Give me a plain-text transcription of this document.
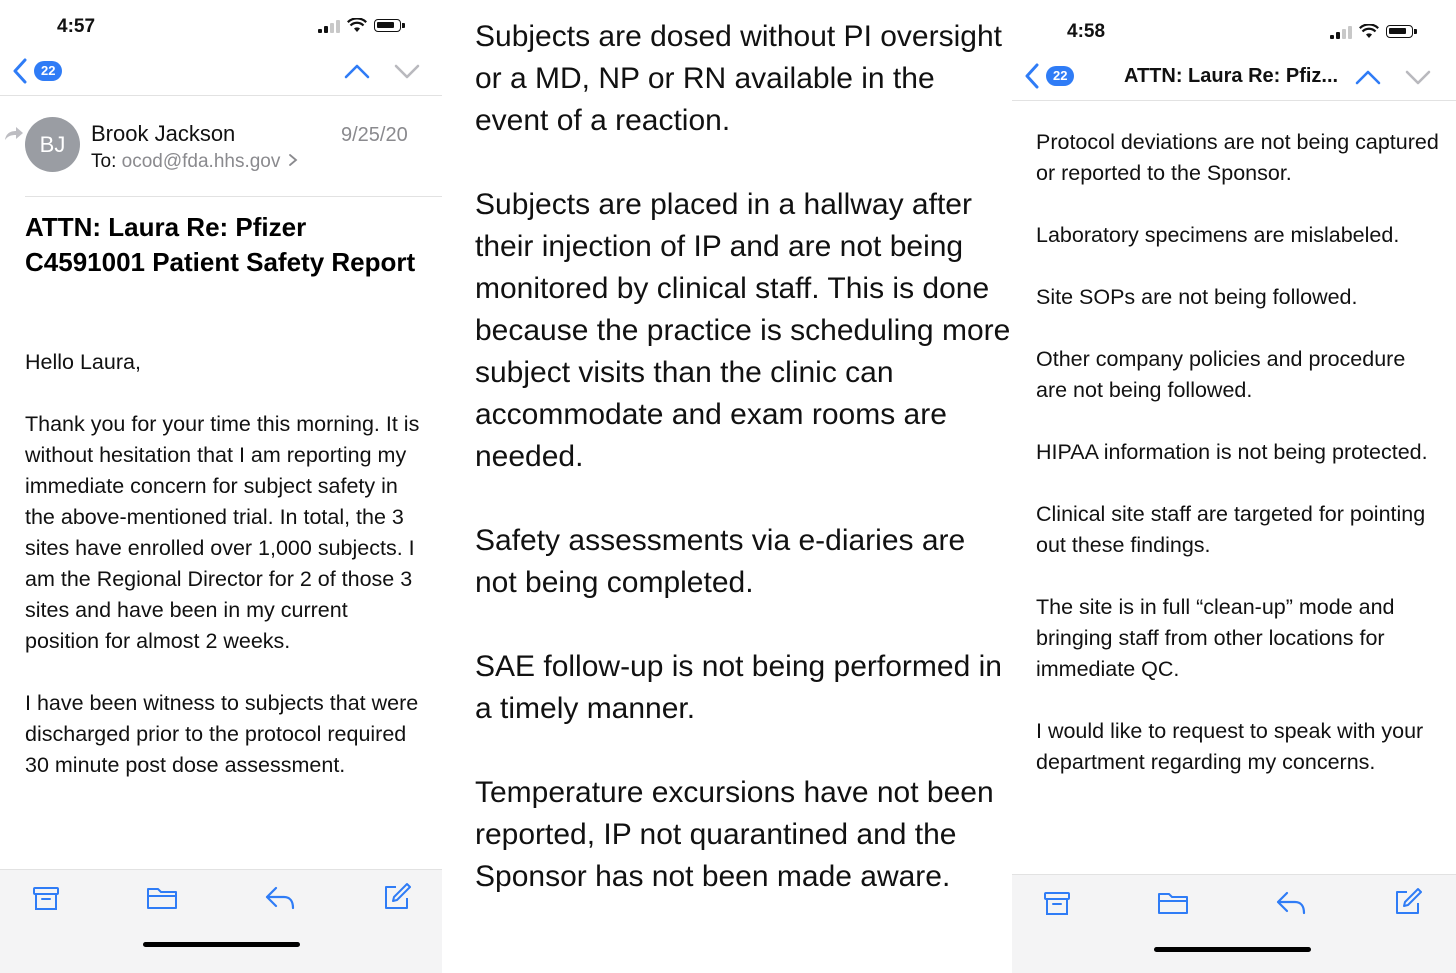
4:57
22
BJ	Brook Jackson
To: ocod@fda.hhs.gov
9/25/20
ATTN: Laura Re: Pfizer C4591001 Patient Safety Report

Hello Laura,

Thank you for your time this morning. It is without hesitation that I am reporting my immediate concern for subject safety in the above-mentioned trial. In total, the 3 sites have enrolled over 1,000 subjects. I am the Regional Director for 2 of those 3 sites and have been in my current position for almost 2 weeks.

I have been witness to subjects that were discharged prior to the protocol required 30 minute post dose assessment.

Subjects are dosed without PI oversight or a MD, NP or RN available in the event of a reaction.

Subjects are placed in a hallway after their injection of IP and are not being monitored by clinical staff. This is done because the practice is scheduling more subject visits than the clinic can accommodate and exam rooms are needed.

Safety assessments via e-diaries are not being completed.

SAE follow-up is not being performed in a timely manner.

Temperature excursions have not been reported, IP not quarantined and the Sponsor has not been made aware.

4:58
22	ATTN: Laura Re: Pfiz...

Protocol deviations are not being captured or reported to the Sponsor.

Laboratory specimens are mislabeled.

Site SOPs are not being followed.

Other company policies and procedure are not being followed.

HIPAA information is not being protected.

Clinical site staff are targeted for pointing out these findings.

The site is in full “clean-up” mode and bringing staff from other locations for immediate QC.

I would like to request to speak with your department regarding my concerns.
